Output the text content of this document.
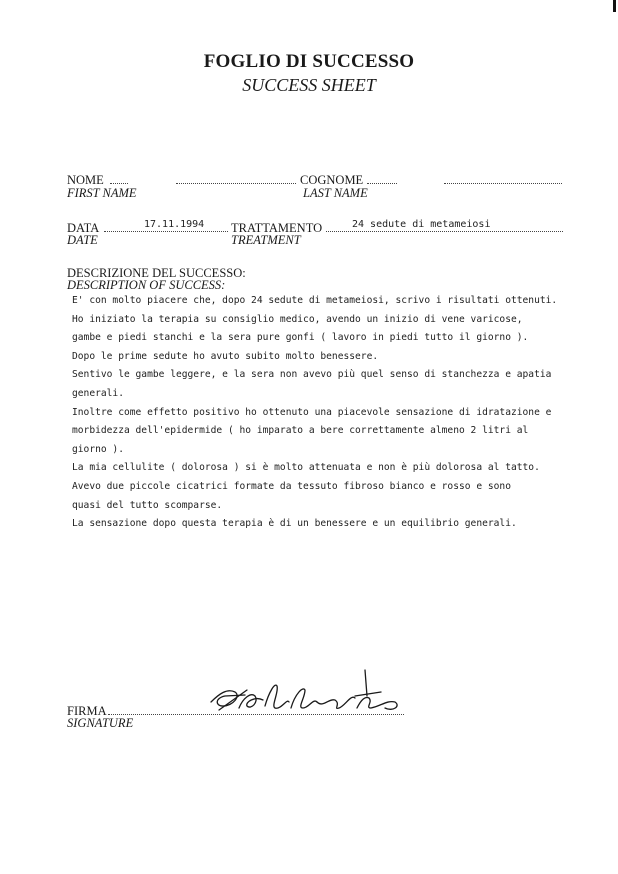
FOGLIO DI SUCCESSO
SUCCESS SHEET
NOME
FIRST NAME
COGNOME
LAST NAME
DATA
DATE
17.11.1994 TRATTAMENTO
TREATMENT
24 sedute di metameiosi
DESCRIZIONE DEL SUCCESSO:
DESCRIPTION OF SUCCESS:
E' con molto piacere che, dopo 24 sedute di metameiosi, scrivo i risultati ottenuti.
Ho iniziato la terapia su consiglio medico, avendo un inizio di vene varicose,
gambe e piedi stanchi e la sera pure gonfi ( lavoro in piedi tutto il giorno ).
Dopo le prime sedute ho avuto subito molto benessere.
Sentivo le gambe leggere, e la sera non avevo più quel senso di stanchezza e apatia
generali.
Inoltre come effetto positivo ho ottenuto una piacevole sensazione di idratazione e
morbidezza dell'epidermide ( ho imparato a bere correttamente almeno 2 litri al
giorno ).
La mia cellulite ( dolorosa ) si è molto attenuata e non è più dolorosa al tatto.
Avevo due piccole cicatrici formate da tessuto fibroso bianco e rosso e sono
quasi del tutto scomparse.
La sensazione dopo questa terapia è di un benessere e un equilibrio generali.
FIRMA
SIGNATURE
